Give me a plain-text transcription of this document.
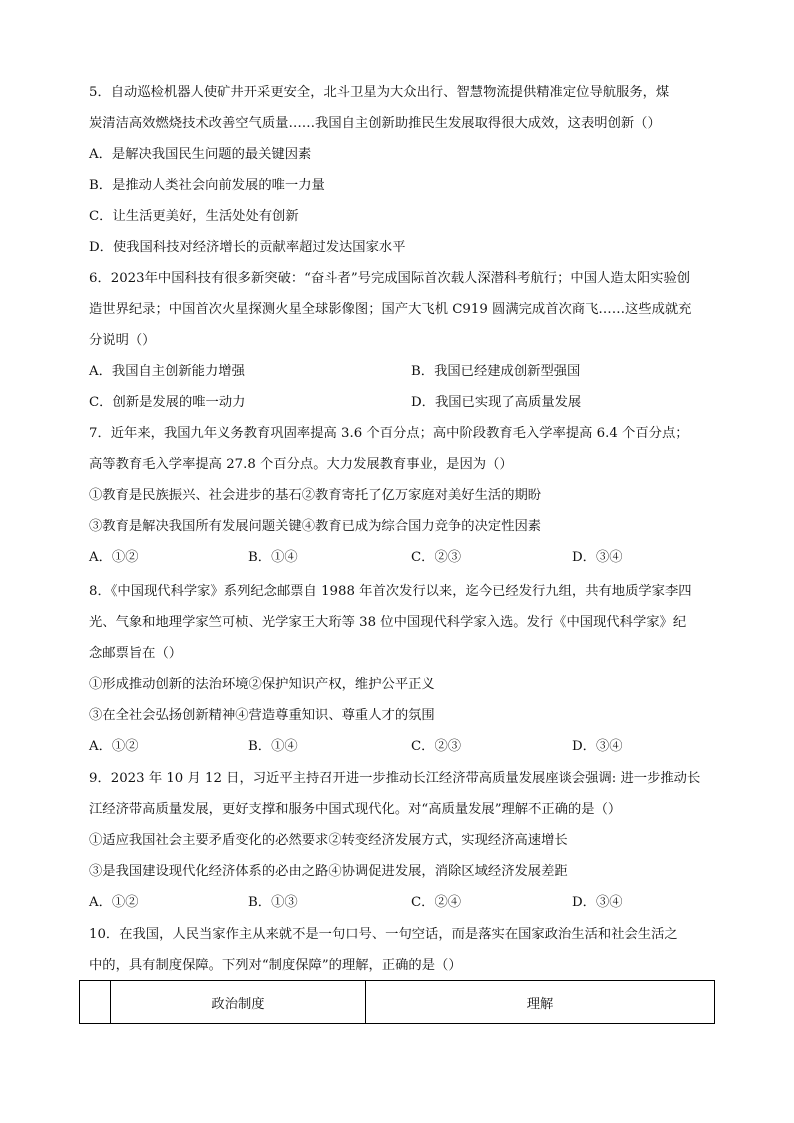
5．自动巡检机器人使矿井开采更安全，北斗卫星为大众出行、智慧物流提供精准定位导航服务，煤
炭清洁高效燃烧技术改善空气质量……我国自主创新助推民生发展取得很大成效，这表明创新（）
A．是解决我国民生问题的最关键因素
B．是推动人类社会向前发展的唯一力量
C．让生活更美好，生活处处有创新
D．使我国科技对经济增长的贡献率超过发达国家水平
6．2023年中国科技有很多新突破：“奋斗者”号完成国际首次载人深潜科考航行；中国人造太阳实验创
造世界纪录；中国首次火星探测火星全球影像图；国产大飞机 C919 圆满完成首次商飞……这些成就充
分说明（）
A．我国自主创新能力增强	B．我国已经建成创新型强国
C．创新是发展的唯一动力	D．我国已实现了高质量发展
7．近年来，我国九年义务教育巩固率提高 3.6 个百分点；高中阶段教育毛入学率提高 6.4 个百分点；
高等教育毛入学率提高 27.8 个百分点。大力发展教育事业，是因为（）
①教育是民族振兴、社会进步的基石②教育寄托了亿万家庭对美好生活的期盼
③教育是解决我国所有发展问题关键④教育已成为综合国力竞争的决定性因素
A．①②	B．①④	C．②③	D．③④
8．《中国现代科学家》系列纪念邮票自 1988 年首次发行以来，迄今已经发行九组，共有地质学家李四
光、气象和地理学家竺可桢、光学家王大珩等 38 位中国现代科学家入选。发行《中国现代科学家》纪
念邮票旨在（）
①形成推动创新的法治环境②保护知识产权，维护公平正义
③在全社会弘扬创新精神④营造尊重知识、尊重人才的氛围
A．①②	B．①④	C．②③	D．③④
9．2023 年 10 月 12 日，习近平主持召开进一步推动长江经济带高质量发展座谈会强调: 进一步推动长
江经济带高质量发展，更好支撑和服务中国式现代化。对“高质量发展”理解不正确的是（）
①适应我国社会主要矛盾变化的必然要求②转变经济发展方式，实现经济高速增长
③是我国建设现代化经济体系的必由之路④协调促进发展，消除区域经济发展差距
A．①②	B．①③	C．②④	D．③④
10．在我国，人民当家作主从来就不是一句口号、一句空话，而是落实在国家政治生活和社会生活之
中的，具有制度保障。下列对“制度保障”的理解，正确的是（）
	政治制度	理解
